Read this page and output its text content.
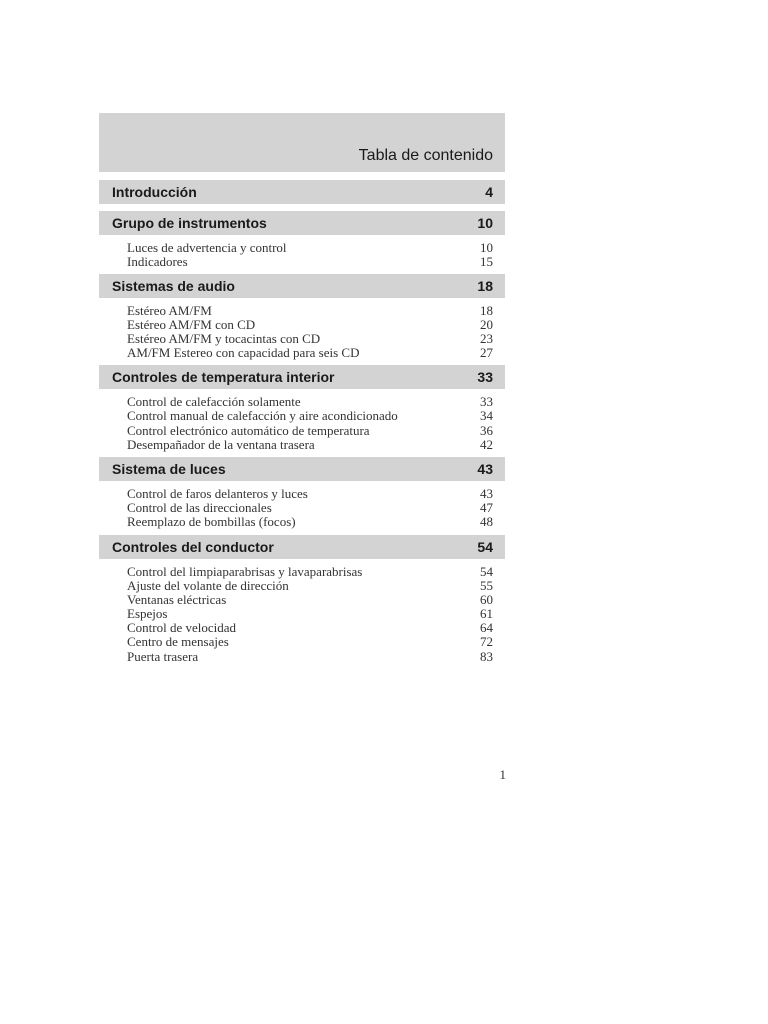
Tabla de contenido
Introducción	4
Grupo de instrumentos	10
Luces de advertencia y control	10
Indicadores	15
Sistemas de audio	18
Estéreo AM/FM	18
Estéreo AM/FM con CD	20
Estéreo AM/FM y tocacintas con CD	23
AM/FM Estereo con capacidad para seis CD	27
Controles de temperatura interior	33
Control de calefacción solamente	33
Control manual de calefacción y aire acondicionado	34
Control electrónico automático de temperatura	36
Desempañador de la ventana trasera	42
Sistema de luces	43
Control de faros delanteros y luces	43
Control de las direccionales	47
Reemplazo de bombillas (focos)	48
Controles del conductor	54
Control del limpiaparabrisas y lavaparabrisas	54
Ajuste del volante de dirección	55
Ventanas eléctricas	60
Espejos	61
Control de velocidad	64
Centro de mensajes	72
Puerta trasera	83
1
